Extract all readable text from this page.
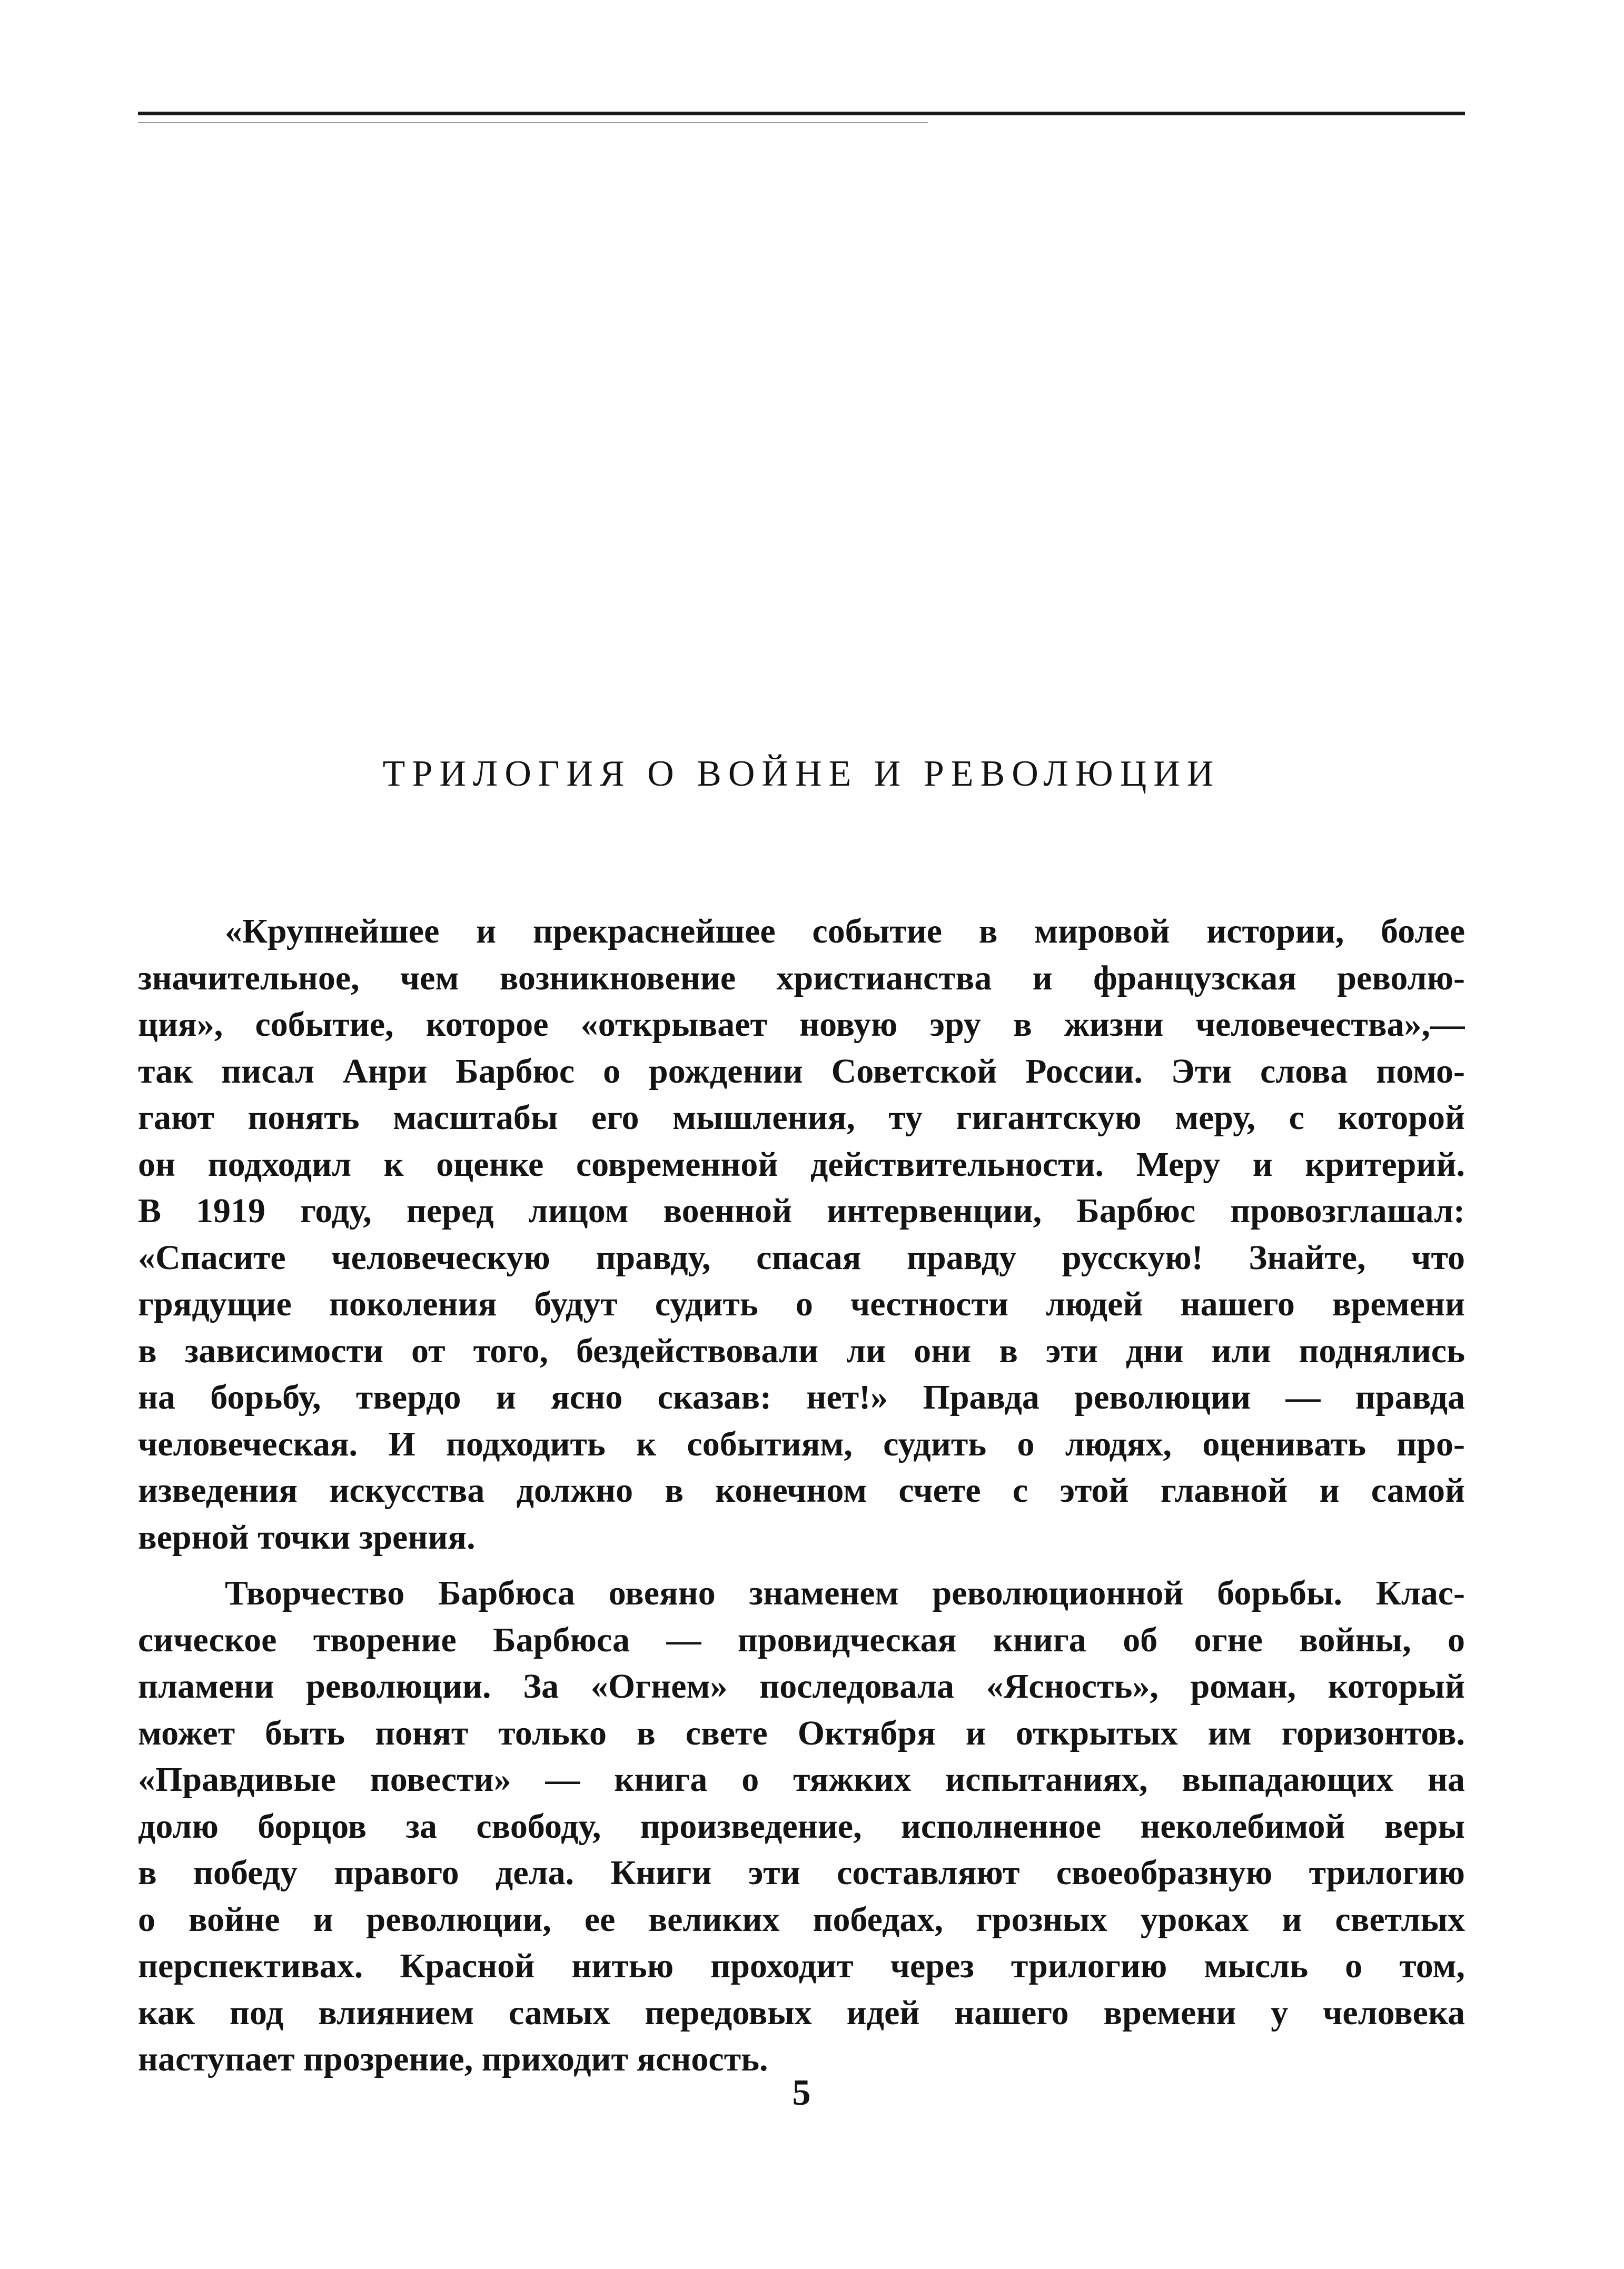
ТРИЛОГИЯ О ВОЙНЕ И РЕВОЛЮЦИИ
«Крупнейшее и прекраснейшее событие в мировой истории, более
значительное, чем возникновение христианства и французская револю-
ция», событие, которое «открывает новую эру в жизни человечества»,—
так писал Анри Барбюс о рождении Советской России. Эти слова помо-
гают понять масштабы его мышления, ту гигантскую меру, с которой
он подходил к оценке современной действительности. Меру и критерий.
В 1919 году, перед лицом военной интервенции, Барбюс провозглашал:
«Спасите человеческую правду, спасая правду русскую! Знайте, что
грядущие поколения будут судить о честности людей нашего времени
в зависимости от того, бездействовали ли они в эти дни или поднялись
на борьбу, твердо и ясно сказав: нет!» Правда революции — правда
человеческая. И подходить к событиям, судить о людях, оценивать про-
изведения искусства должно в конечном счете с этой главной и самой
верной точки зрения.
Творчество Барбюса овеяно знаменем революционной борьбы. Клас-
сическое творение Барбюса — провидческая книга об огне войны, о
пламени революции. За «Огнем» последовала «Ясность», роман, который
может быть понят только в свете Октября и открытых им горизонтов.
«Правдивые повести» — книга о тяжких испытаниях, выпадающих на
долю борцов за свободу, произведение, исполненное неколебимой веры
в победу правого дела. Книги эти составляют своеобразную трилогию
о войне и революции, ее великих победах, грозных уроках и светлых
перспективах. Красной нитью проходит через трилогию мысль о том,
как под влиянием самых передовых идей нашего времени у человека
наступает прозрение, приходит ясность.
5
